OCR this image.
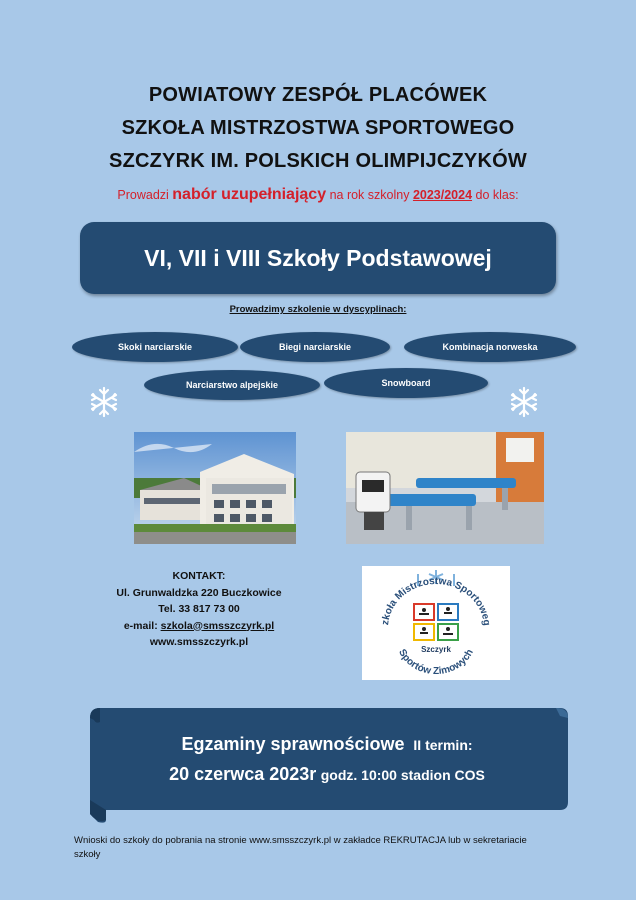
POWIATOWY ZESPÓŁ PLACÓWEK
SZKOŁA MISTRZOSTWA SPORTOWEGO
SZCZYRK IM. POLSKICH OLIMPIJCZYKÓW
Prowadzi nabór uzupełniający na rok szkolny 2023/2024 do klas:
VI, VII i VIII Szkoły Podstawowej
Prowadzimy szkolenie w dyscyplinach:
Skoki narciarskie	Biegi narciarskie	Kombinacja norweska
Narciarstwo alpejskie	Snowboard
KONTAKT:
Ul. Grunwaldzka 220 Buczkowice
Tel. 33 817 73 00
e-mail: szkola@smsszczyrk.pl
www.smsszczyrk.pl
zkoła Mistrzostwa Sportoweg
Sportów Zimowych
Szczyrk
Egzaminy sprawnościowe II termin:
20 czerwca 2023r godz. 10:00 stadion COS
Wnioski do szkoły do pobrania na stronie www.smsszczyrk.pl w zakładce REKRUTACJA lub w sekretariacie szkoły
